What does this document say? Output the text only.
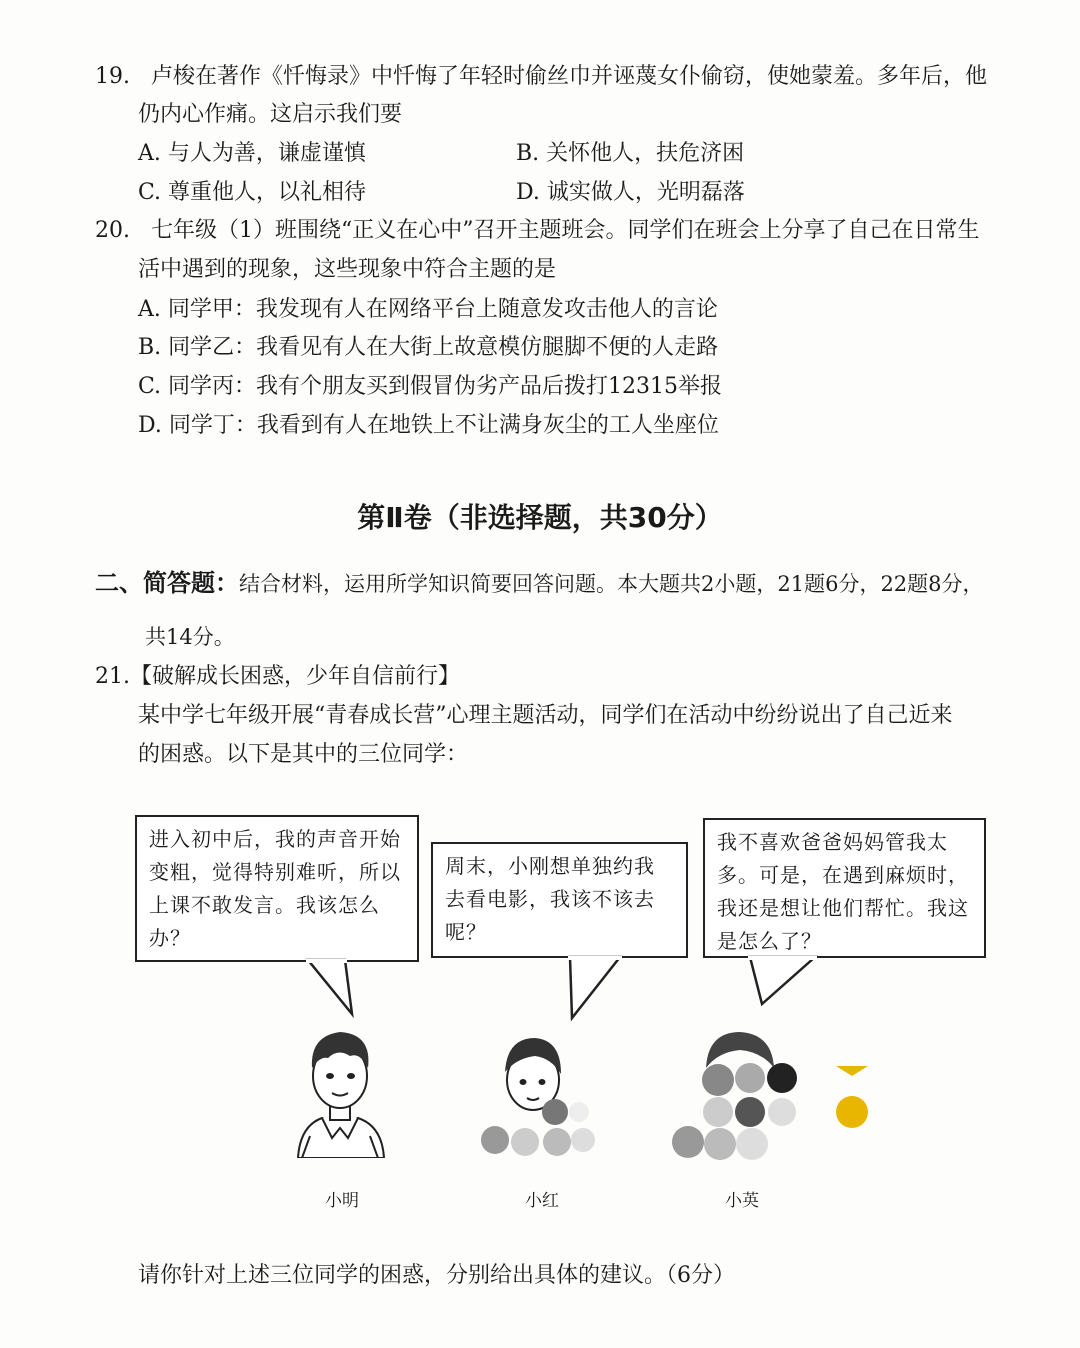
19. 卢梭在著作《忏悔录》中忏悔了年轻时偷丝巾并诬蔑女仆偷窃，使她蒙羞。多年后，他
仍内心作痛。这启示我们要
A. 与人为善，谦虚谨慎	B. 关怀他人，扶危济困
C. 尊重他人，以礼相待	D. 诚实做人，光明磊落
20. 七年级（1）班围绕“正义在心中”召开主题班会。同学们在班会上分享了自己在日常生
活中遇到的现象，这些现象中符合主题的是
A. 同学甲：我发现有人在网络平台上随意发攻击他人的言论
B. 同学乙：我看见有人在大街上故意模仿腿脚不便的人走路
C. 同学丙：我有个朋友买到假冒伪劣产品后拨打12315举报
D. 同学丁：我看到有人在地铁上不让满身灰尘的工人坐座位
第Ⅱ卷（非选择题，共30分）
二、简答题：结合材料，运用所学知识简要回答问题。本大题共2小题，21题6分，22题8分，
共14分。
21.【破解成长困惑，少年自信前行】
某中学七年级开展“青春成长营”心理主题活动，同学们在活动中纷纷说出了自己近来
的困惑。以下是其中的三位同学：
进入初中后，我的声音开始变粗，觉得特别难听，所以上课不敢发言。我该怎么办？
周末，小刚想单独约我去看电影，我该不该去呢？
我不喜欢爸爸妈妈管我太多。可是，在遇到麻烦时，我还是想让他们帮忙。我这是怎么了？
小明	小红	小英
请你针对上述三位同学的困惑，分别给出具体的建议。（6分）
